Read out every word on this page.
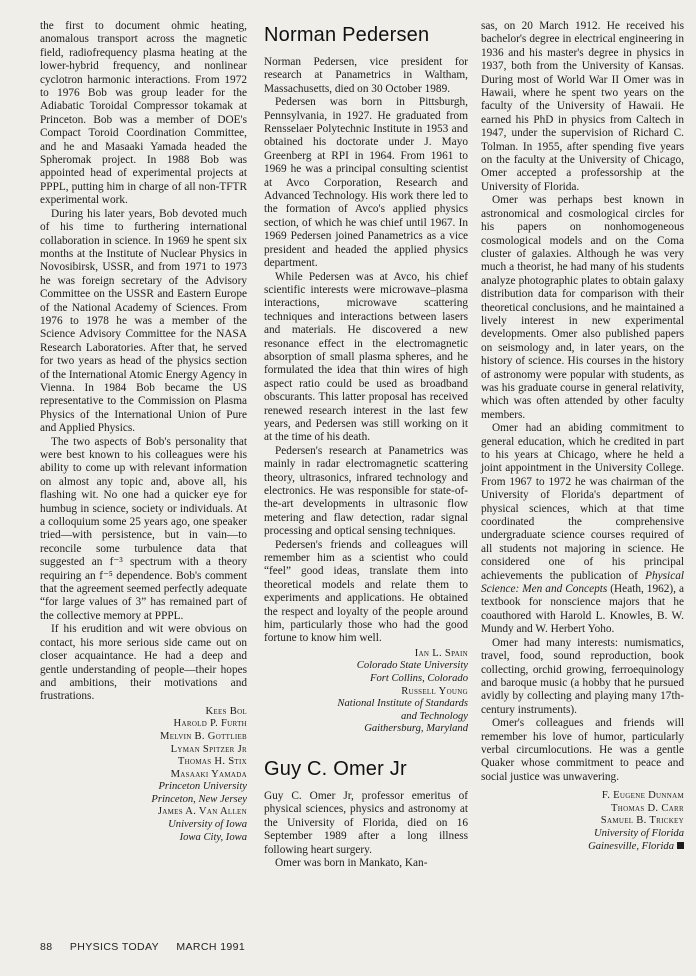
the first to document ohmic heating, anomalous transport across the magnetic field, radiofrequency plasma heating at the lower-hybrid frequency, and nonlinear cyclotron harmonic interactions. From 1972 to 1976 Bob was group leader for the Adiabatic Toroidal Compressor tokamak at Princeton. Bob was a member of DOE's Compact Toroid Coordination Committee, and he and Masaaki Yamada headed the Spheromak project. In 1988 Bob was appointed head of experimental projects at PPPL, putting him in charge of all non-TFTR experimental work.

During his later years, Bob devoted much of his time to furthering international collaboration in science. In 1969 he spent six months at the Institute of Nuclear Physics in Novosibirsk, USSR, and from 1971 to 1973 he was foreign secretary of the Advisory Committee on the USSR and Eastern Europe of the National Academy of Sciences. From 1976 to 1978 he was a member of the Science Advisory Committee for the NASA Research Laboratories. After that, he served for two years as head of the physics section of the International Atomic Energy Agency in Vienna. In 1984 Bob became the US representative to the Commission on Plasma Physics of the International Union of Pure and Applied Physics.

The two aspects of Bob's personality that were best known to his colleagues were his ability to come up with relevant information on almost any topic and, above all, his flashing wit. No one had a quicker eye for humbug in science, society or individuals. At a colloquium some 25 years ago, one speaker tried—with persistence, but in vain—to reconcile some turbulence data that suggested an f⁻³ spectrum with a theory requiring an f⁻⁵ dependence. Bob's comment that the agreement seemed perfectly adequate “for large values of 3” has remained part of the collective memory at PPPL.

If his erudition and wit were obvious on contact, his more serious side came out on closer acquaintance. He had a deep and gentle understanding of people—their hopes and ambitions, their motivations and frustrations.

Kees Bol
Harold P. Furth
Melvin B. Gottlieb
Lyman Spitzer Jr
Thomas H. Stix
Masaaki Yamada
Princeton University
Princeton, New Jersey
James A. Van Allen
University of Iowa
Iowa City, Iowa
Norman Pedersen

Norman Pedersen, vice president for research at Panametrics in Waltham, Massachusetts, died on 30 October 1989.

Pedersen was born in Pittsburgh, Pennsylvania, in 1927. He graduated from Rensselaer Polytechnic Institute in 1953 and obtained his doctorate under J. Mayo Greenberg at RPI in 1964. From 1961 to 1969 he was a principal consulting scientist at Avco Corporation, Research and Advanced Technology. His work there led to the formation of Avco's applied physics section, of which he was chief until 1967. In 1969 Pedersen joined Panametrics as a vice president and headed the applied physics department.

While Pedersen was at Avco, his chief scientific interests were microwave–plasma interactions, microwave scattering techniques and interactions between lasers and materials. He discovered a new resonance effect in the electromagnetic absorption of small plasma spheres, and he formulated the idea that thin wires of high aspect ratio could be used as broadband obscurants. This latter proposal has received renewed research interest in the last few years, and Pedersen was still working on it at the time of his death.

Pedersen's research at Panametrics was mainly in radar electromagnetic scattering theory, ultrasonics, infrared technology and electronics. He was responsible for state-of-the-art developments in ultrasonic flow metering and flaw detection, radar signal processing and optical sensing techniques.

Pedersen's friends and colleagues will remember him as a scientist who could “feel” good ideas, translate them into theoretical models and relate them to experiments and applications. He obtained the respect and loyalty of the people around him, particularly those who had the good fortune to know him well.

Ian L. Spain
Colorado State University
Fort Collins, Colorado
Russell Young
National Institute of Standards
and Technology
Gaithersburg, Maryland
Guy C. Omer Jr

Guy C. Omer Jr, professor emeritus of physical sciences, physics and astronomy at the University of Florida, died on 16 September 1989 after a long illness following heart surgery.

Omer was born in Mankato, Kan-

sas, on 20 March 1912. He received his bachelor's degree in electrical engineering in 1936 and his master's degree in physics in 1937, both from the University of Kansas. During most of World War II Omer was in Hawaii, where he spent two years on the faculty of the University of Hawaii. He earned his PhD in physics from Caltech in 1947, under the supervision of Richard C. Tolman. In 1955, after spending five years on the faculty at the University of Chicago, Omer accepted a professorship at the University of Florida.

Omer was perhaps best known in astronomical and cosmological circles for his papers on nonhomogeneous cosmological models and on the Coma cluster of galaxies. Although he was very much a theorist, he had many of his students analyze photographic plates to obtain galaxy distribution data for comparison with their theoretical conclusions, and he maintained a lively interest in new experimental developments. Omer also published papers on seismology and, in later years, on the history of science. His courses in the history of astronomy were popular with students, as was his graduate course in general relativity, which was often attended by other faculty members.

Omer had an abiding commitment to general education, which he credited in part to his years at Chicago, where he held a joint appointment in the University College. From 1967 to 1972 he was chairman of the University of Florida's department of physical sciences, which at that time coordinated the comprehensive undergraduate science courses required of all students not majoring in science. He considered one of his principal achievements the publication of Physical Science: Men and Concepts (Heath, 1962), a textbook for nonscience majors that he coauthored with Harold L. Knowles, B. W. Mundy and W. Herbert Yoho.

Omer had many interests: numismatics, travel, food, sound reproduction, book collecting, orchid growing, ferroequinology and baroque music (a hobby that he pursued avidly by collecting and playing many 17th-century instruments).

Omer's colleagues and friends will remember his love of humor, particularly verbal circumlocutions. He was a gentle Quaker whose commitment to peace and social justice was unwavering.

F. Eugene Dunnam
Thomas D. Carr
Samuel B. Trickey
University of Florida
Gainesville, Florida
88 PHYSICS TODAY MARCH 1991
